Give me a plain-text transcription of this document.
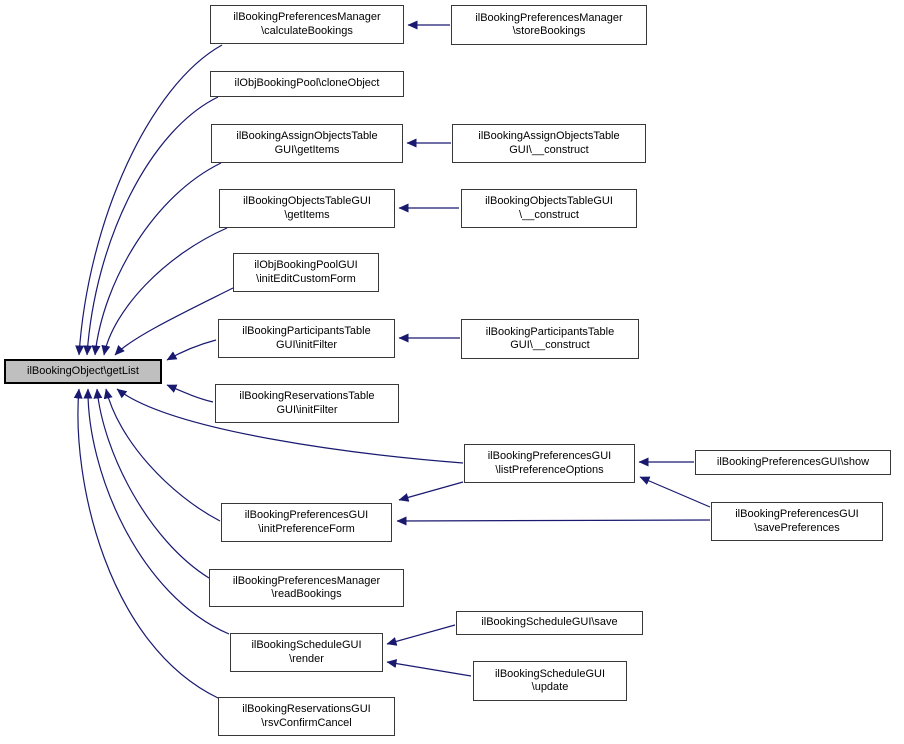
ilBookingObject\getList
ilBookingPreferencesManager
\calculateBookings
ilObjBookingPool\cloneObject
ilBookingAssignObjectsTable
GUI\getItems
ilBookingObjectsTableGUI
\getItems
ilObjBookingPoolGUI
\initEditCustomForm
ilBookingParticipantsTable
GUI\initFilter
ilBookingReservationsTable
GUI\initFilter
ilBookingPreferencesGUI
\listPreferenceOptions
ilBookingPreferencesGUI
\initPreferenceForm
ilBookingPreferencesManager
\readBookings
ilBookingScheduleGUI
\render
ilBookingReservationsGUI
\rsvConfirmCancel
ilBookingPreferencesManager
\storeBookings
ilBookingAssignObjectsTable
GUI\__construct
ilBookingObjectsTableGUI
\__construct
ilBookingParticipantsTable
GUI\__construct
ilBookingPreferencesGUI\show
ilBookingPreferencesGUI
\savePreferences
ilBookingScheduleGUI\save
ilBookingScheduleGUI
\update
